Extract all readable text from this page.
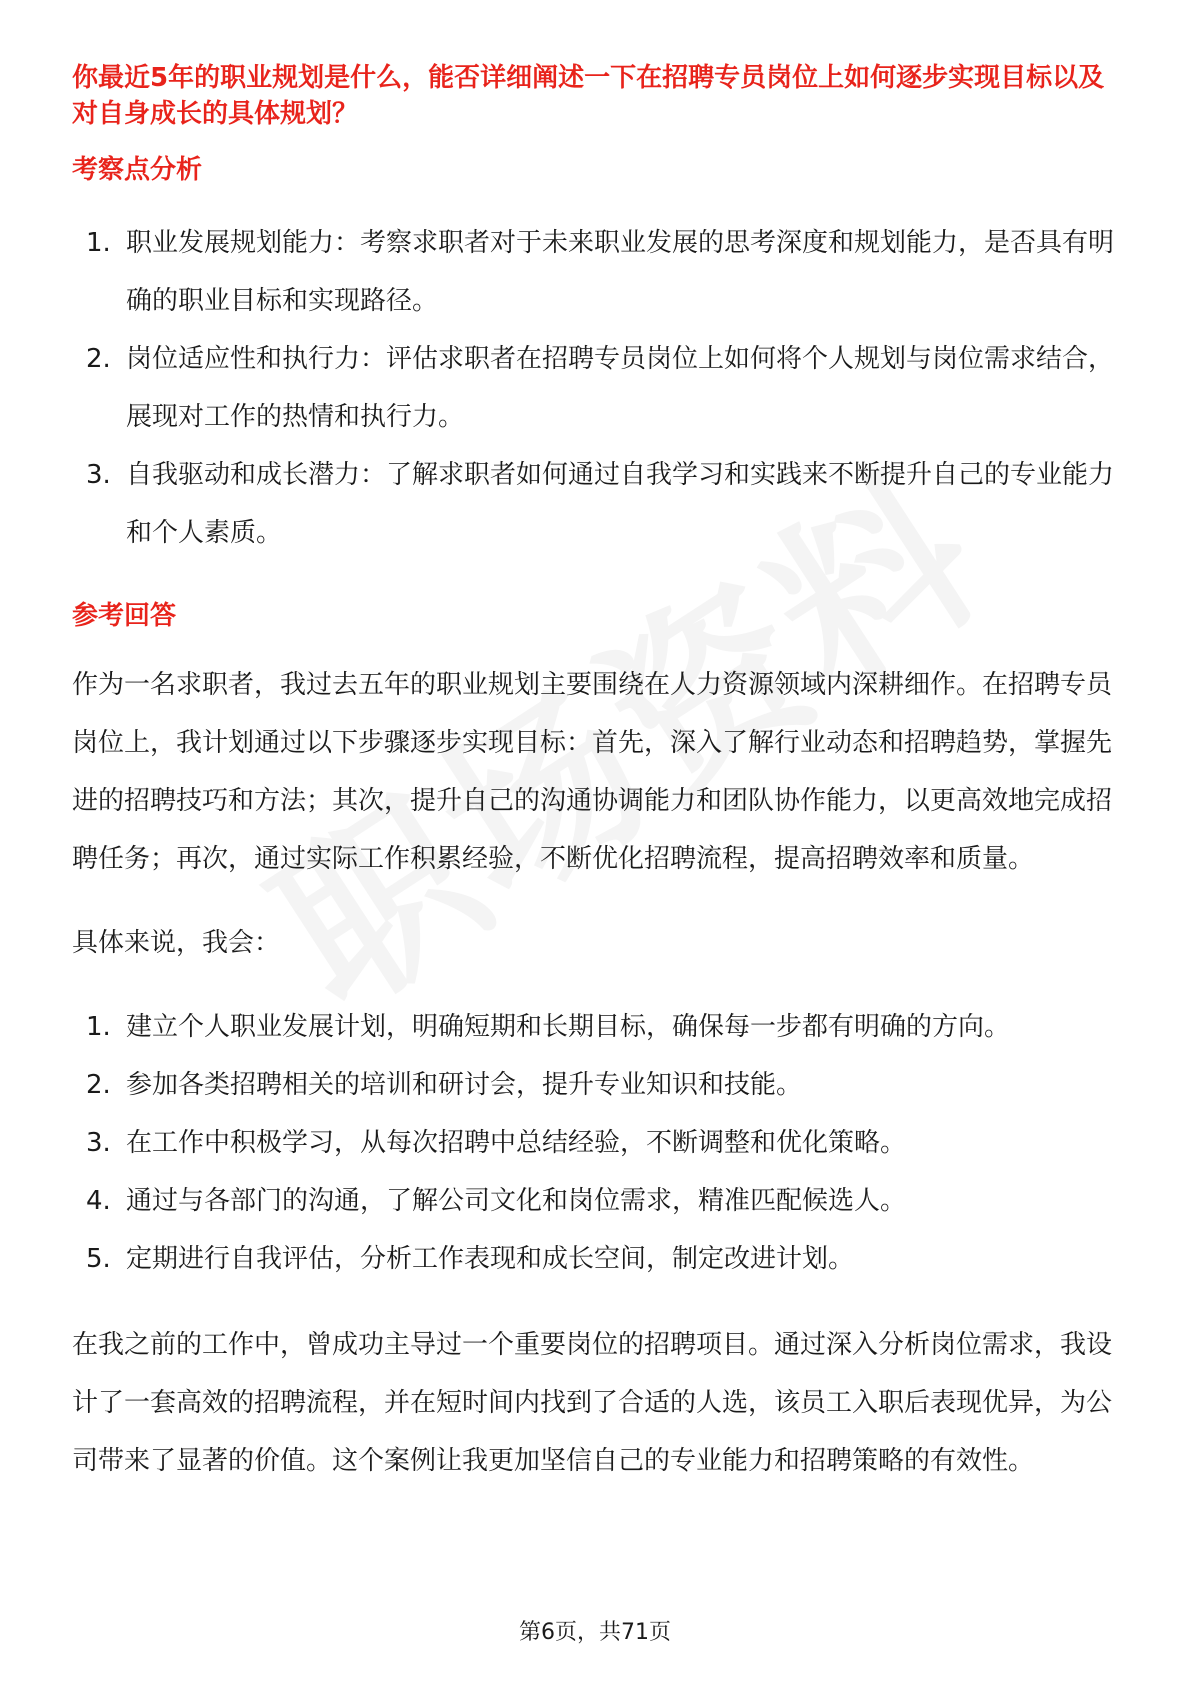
你最近5年的职业规划是什么，能否详细阐述一下在招聘专员岗位上如何逐步实现目标以及对自身成长的具体规划？

考察点分析

1. 职业发展规划能力：考察求职者对于未来职业发展的思考深度和规划能力，是否具有明确的职业目标和实现路径。
2. 岗位适应性和执行力：评估求职者在招聘专员岗位上如何将个人规划与岗位需求结合，展现对工作的热情和执行力。
3. 自我驱动和成长潜力：了解求职者如何通过自我学习和实践来不断提升自己的专业能力和个人素质。

参考回答

作为一名求职者，我过去五年的职业规划主要围绕在人力资源领域内深耕细作。在招聘专员岗位上，我计划通过以下步骤逐步实现目标：首先，深入了解行业动态和招聘趋势，掌握先进的招聘技巧和方法；其次，提升自己的沟通协调能力和团队协作能力，以更高效地完成招聘任务；再次，通过实际工作积累经验，不断优化招聘流程，提高招聘效率和质量。

具体来说，我会：

1. 建立个人职业发展计划，明确短期和长期目标，确保每一步都有明确的方向。
2. 参加各类招聘相关的培训和研讨会，提升专业知识和技能。
3. 在工作中积极学习，从每次招聘中总结经验，不断调整和优化策略。
4. 通过与各部门的沟通，了解公司文化和岗位需求，精准匹配候选人。
5. 定期进行自我评估，分析工作表现和成长空间，制定改进计划。

在我之前的工作中，曾成功主导过一个重要岗位的招聘项目。通过深入分析岗位需求，我设计了一套高效的招聘流程，并在短时间内找到了合适的人选，该员工入职后表现优异，为公司带来了显著的价值。这个案例让我更加坚信自己的专业能力和招聘策略的有效性。

第6页，共71页
